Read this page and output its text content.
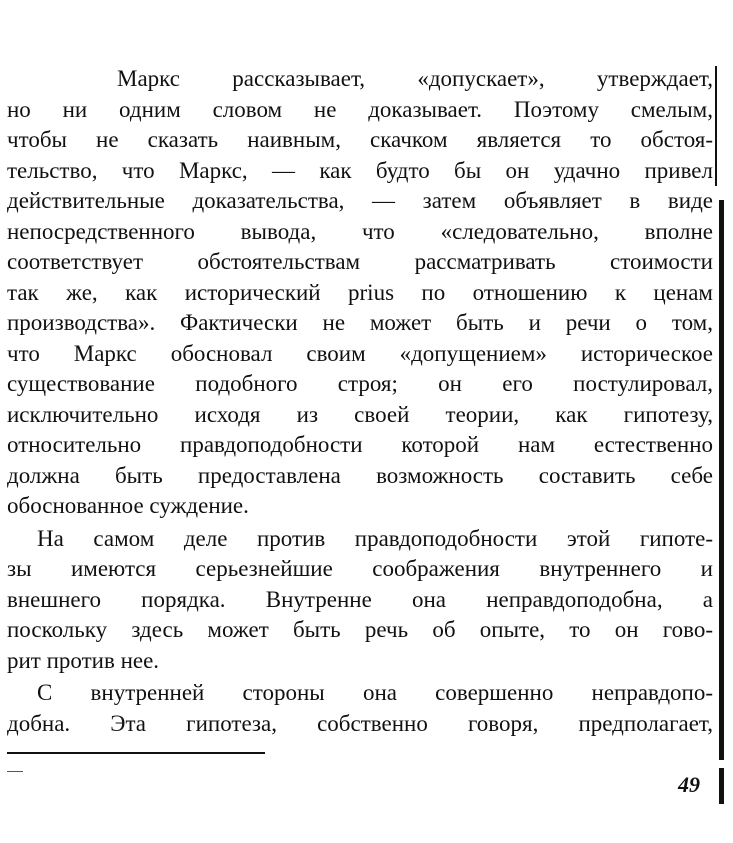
Маркс рассказывает, «допускает», утверждает,
но ни одним словом не доказывает. Поэтому смелым,
чтобы не сказать наивным, скачком является то обстоя-
тельство, что Маркс, — как будто бы он удачно привел
действительные доказательства, — затем объявляет в виде
непосредственного вывода, что «следовательно, вполне
соответствует обстоятельствам рассматривать стоимости
так же, как исторический prius по отношению к ценам
производства». Фактически не может быть и речи о том,
что Маркс обосновал своим «допущением» историческое
существование подобного строя; он его постулировал,
исключительно исходя из своей теории, как гипотезу,
относительно правдоподобности которой нам естественно
должна быть предоставлена возможность составить себе
обоснованное суждение.
На самом деле против правдоподобности этой гипоте-
зы имеются серьезнейшие соображения внутреннего и
внешнего порядка. Внутренне она неправдоподобна, а
поскольку здесь может быть речь об опыте, то он гово-
рит против нее.
С внутренней стороны она совершенно неправдопо-
добна. Эта гипотеза, собственно говоря, предполагает,
49
